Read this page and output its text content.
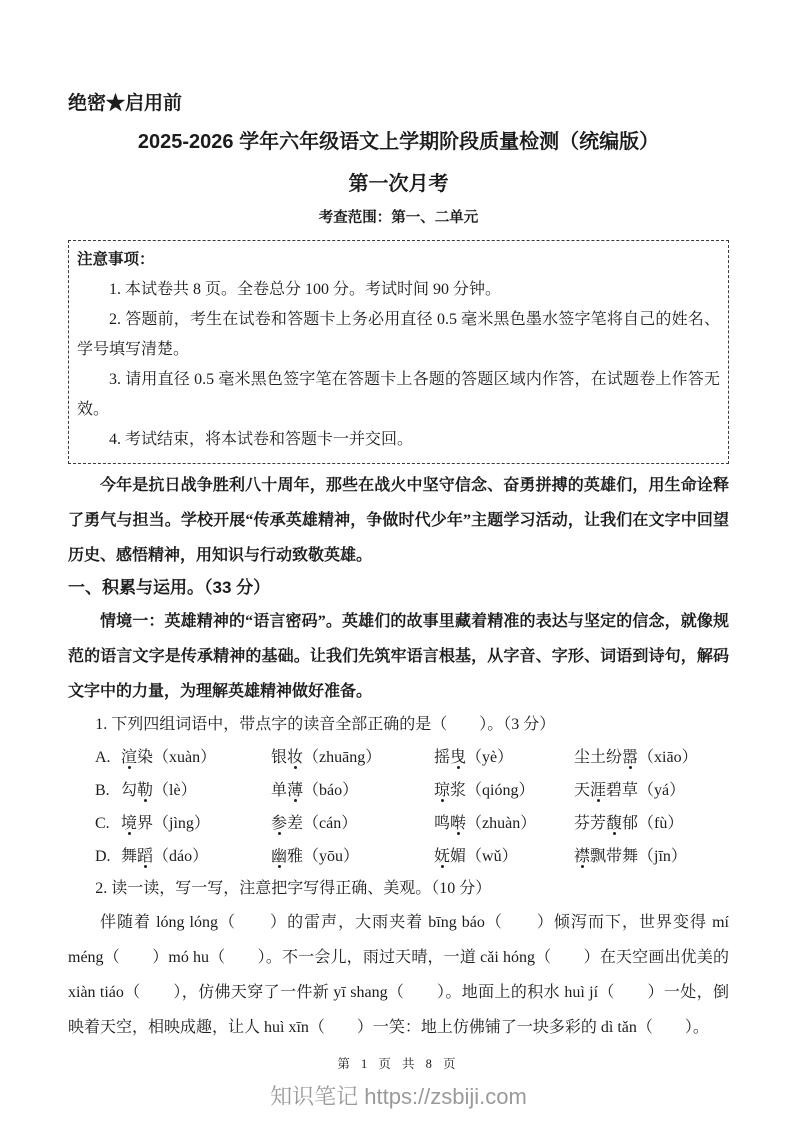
绝密★启用前
2025-2026 学年六年级语文上学期阶段质量检测（统编版）
第一次月考
考查范围：第一、二单元
注意事项：

1. 本试卷共 8 页。全卷总分 100 分。考试时间 90 分钟。

2. 答题前，考生在试卷和答题卡上务必用直径 0.5 毫米黑色墨水签字笔将自己的姓名、学号填写清楚。

3. 请用直径 0.5 毫米黑色签字笔在答题卡上各题的答题区域内作答，在试题卷上作答无效。

4. 考试结束，将本试卷和答题卡一并交回。

今年是抗日战争胜利八十周年，那些在战火中坚守信念、奋勇拼搏的英雄们，用生命诠释了勇气与担当。学校开展“传承英雄精神，争做时代少年”主题学习活动，让我们在文字中回望历史、感悟精神，用知识与行动致敬英雄。

一、积累与运用。（33 分）

情境一：英雄精神的“语言密码”。英雄们的故事里藏着精准的表达与坚定的信念，就像规范的语言文字是传承精神的基础。让我们先筑牢语言根基，从字音、字形、词语到诗句，解码文字中的力量，为理解英雄精神做好准备。

1. 下列四组词语中，带点字的读音全部正确的是（　　）。（3 分）

A. 渲染（xuàn）	银妆（zhuāng）	摇曳（yè）	尘土纷嚣（xiāo）
B. 勾勒（lè）	单薄（báo）	琼浆（qióng）	天涯碧草（yá）
C. 境界（jìng）	参差（cán）	鸣啭（zhuàn）	芬芳馥郁（fù）
D. 舞蹈（dáo）	幽雅（yōu）	妩媚（wǔ）	襟飘带舞（jīn）

2. 读一读，写一写，注意把字写得正确、美观。（10 分）

伴随着 lóng lóng（　　）的雷声，大雨夹着 bīng báo（　　）倾泻而下，世界变得 mí méng（　　）mó hu（　　）。不一会儿，雨过天晴，一道 cǎi hóng（　　）在天空画出优美的 xiàn tiáo（　　），仿佛天穿了一件新 yī shang（　　）。地面上的积水 huì jí（　　）一处，倒映着天空，相映成趣，让人 huì xīn（　　）一笑：地上仿佛铺了一块多彩的 dì tǎn（　　）。

第 1 页 共 8 页
知识笔记 https://zsbiji.com
